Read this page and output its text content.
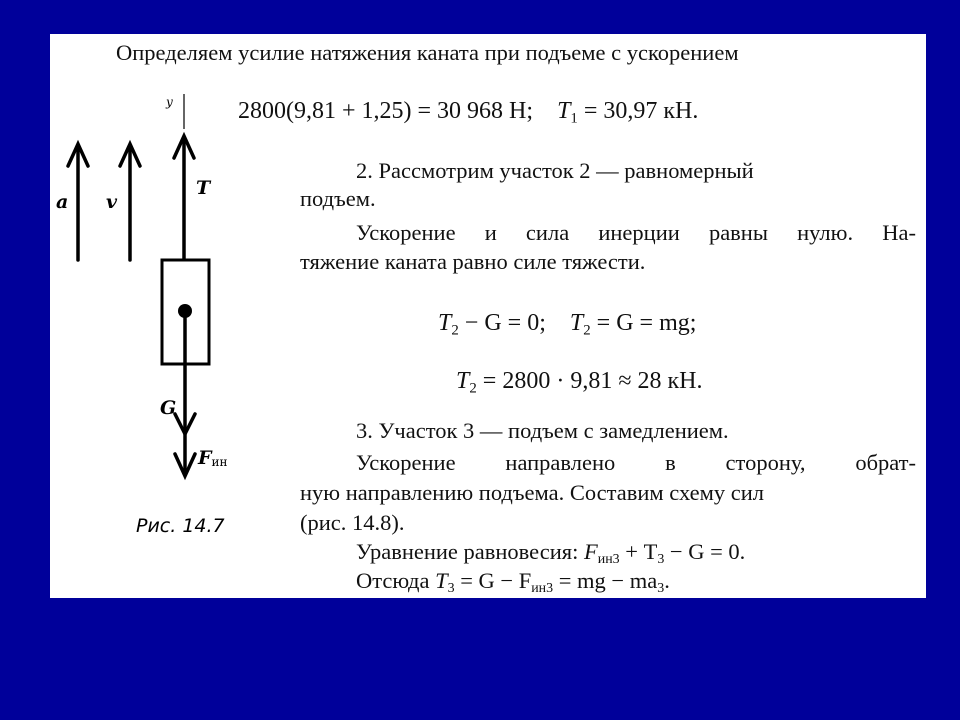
y
T
a v
G
$F_{ин}$
Рис. 14.7
Определяем усилие натяжения каната при подъеме с ускорением
2800(9,81 + 1,25) = 30 968 H; $T_1 = 30,97$ кН.
2. Рассмотрим участок 2 — равномерный
подъем.
Ускорение и сила инерции равны нулю. На-
тяжение каната равно силе тяжести.
$T_2 - G = 0$; $T_2 = G$ = mg;
$T_2 = 2800 \cdot 9,81 \approx 28$ кН.
3. Участок 3 — подъем с замедлением.
Ускорение направлено в сторону, обрат-
ную направлению подъема. Составим схему сил
(рис. 14.8).
Уравнение равновесия: $F_{ин3} + T_3 - G = 0$.
Отсюда $T_3 = G - F_{ин3}$ = mg − $ma_3$.
